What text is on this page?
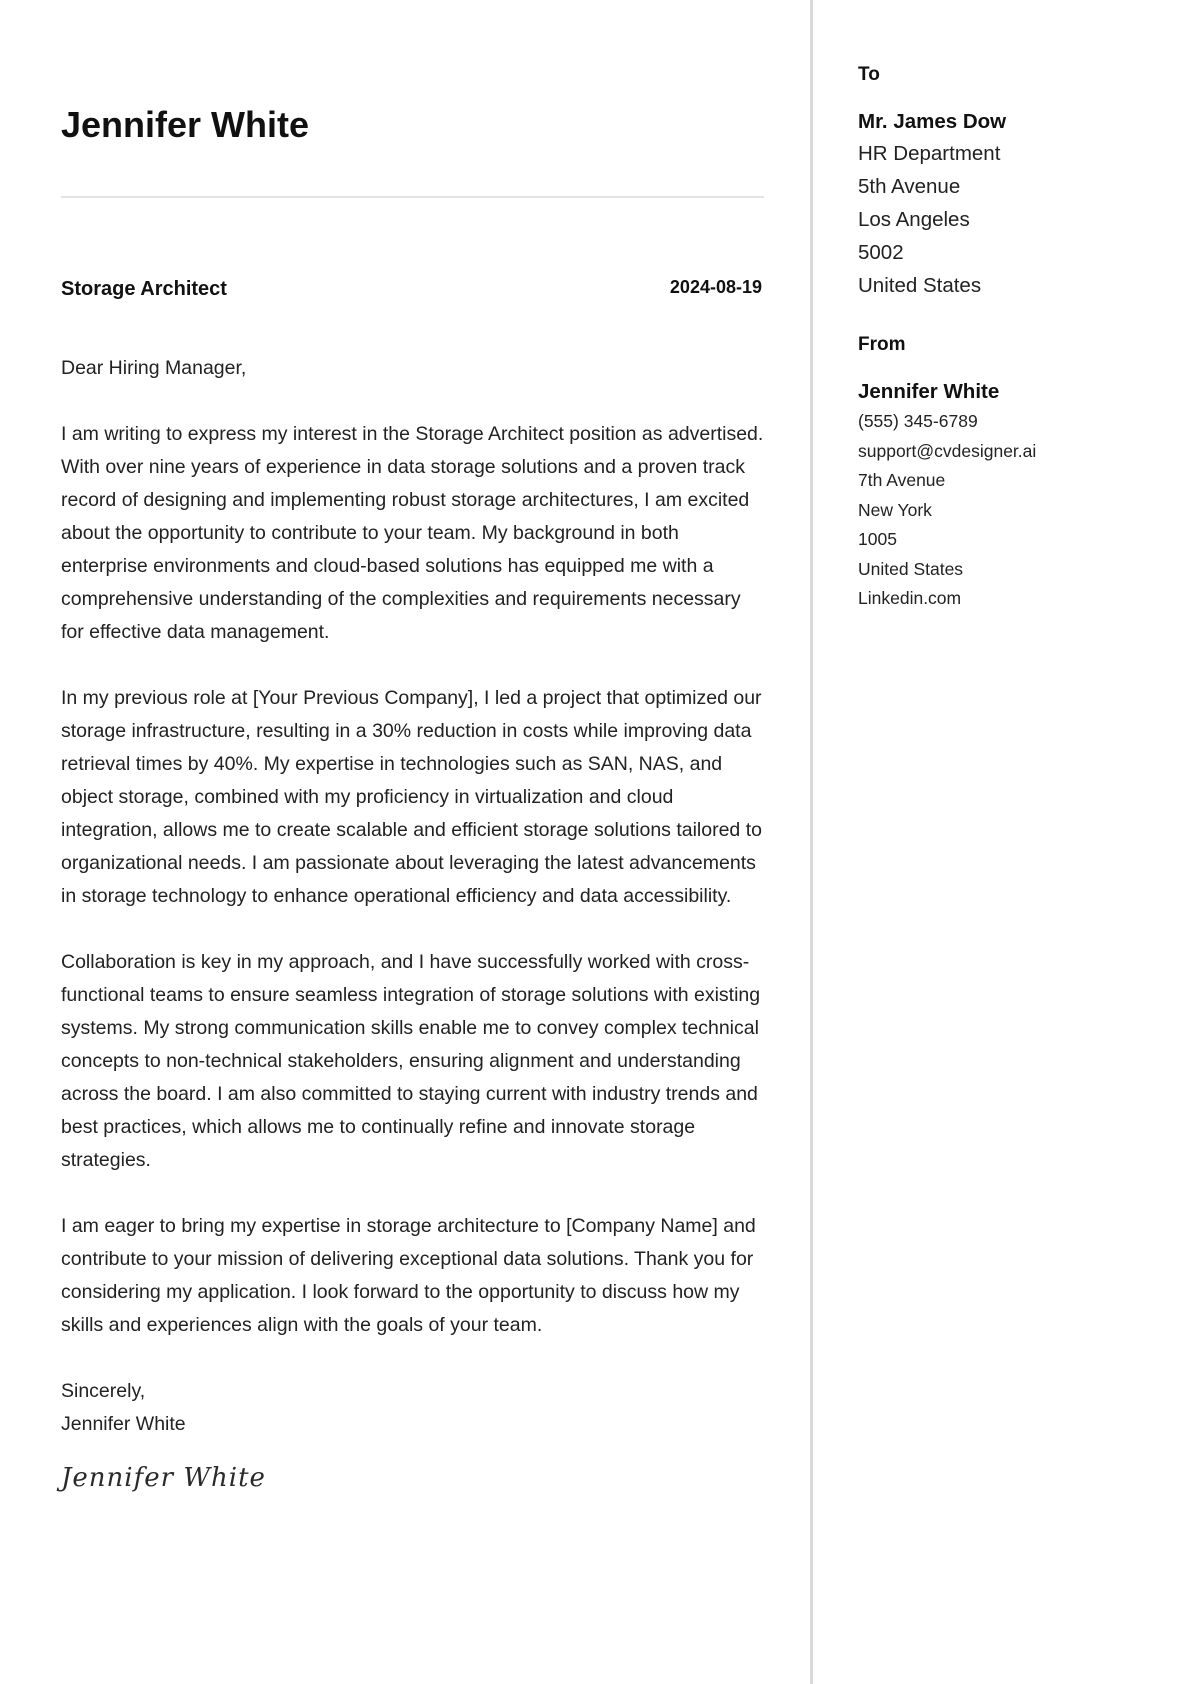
Jennifer White
Storage Architect	2024-08-19

Dear Hiring Manager,

I am writing to express my interest in the Storage Architect position as advertised. With over nine years of experience in data storage solutions and a proven track record of designing and implementing robust storage architectures, I am excited about the opportunity to contribute to your team. My background in both enterprise environments and cloud-based solutions has equipped me with a comprehensive understanding of the complexities and requirements necessary for effective data management.

In my previous role at [Your Previous Company], I led a project that optimized our storage infrastructure, resulting in a 30% reduction in costs while improving data retrieval times by 40%. My expertise in technologies such as SAN, NAS, and object storage, combined with my proficiency in virtualization and cloud integration, allows me to create scalable and efficient storage solutions tailored to organizational needs. I am passionate about leveraging the latest advancements in storage technology to enhance operational efficiency and data accessibility.

Collaboration is key in my approach, and I have successfully worked with cross-functional teams to ensure seamless integration of storage solutions with existing systems. My strong communication skills enable me to convey complex technical concepts to non-technical stakeholders, ensuring alignment and understanding across the board. I am also committed to staying current with industry trends and best practices, which allows me to continually refine and innovate storage strategies.

I am eager to bring my expertise in storage architecture to [Company Name] and contribute to your mission of delivering exceptional data solutions. Thank you for considering my application. I look forward to the opportunity to discuss how my skills and experiences align with the goals of your team.

Sincerely,
Jennifer White
Jennifer White
To
Mr. James Dow
HR Department
5th Avenue
Los Angeles
5002
United States
From
Jennifer White
(555) 345-6789
support@cvdesigner.ai
7th Avenue
New York
1005
United States
Linkedin.com
